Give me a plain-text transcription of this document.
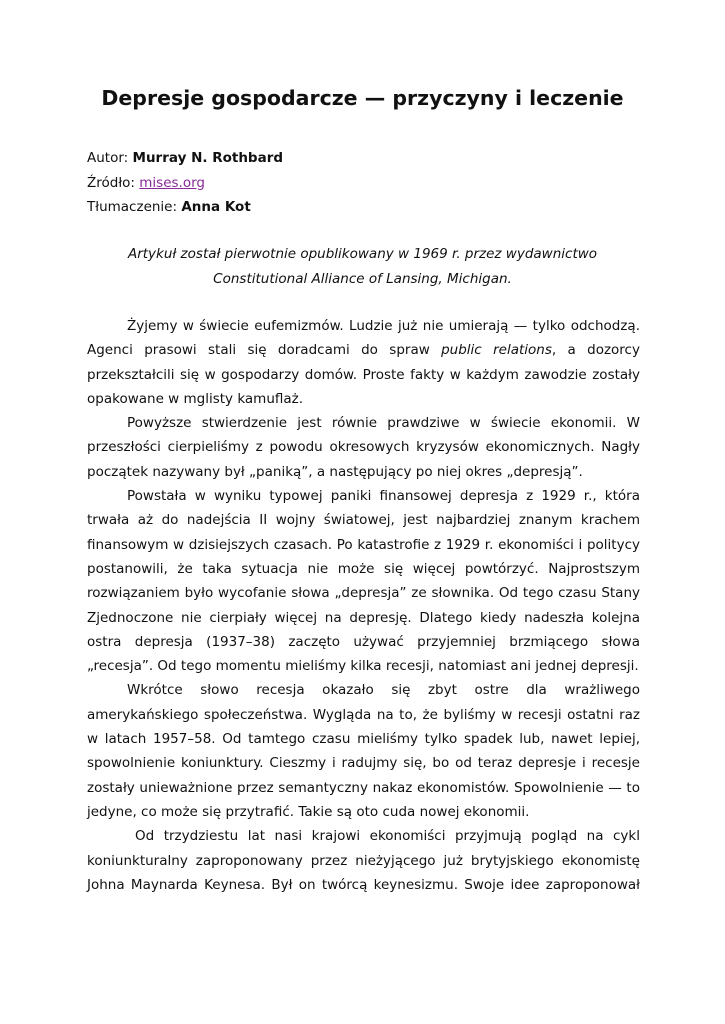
Depresje gospodarcze — przyczyny i leczenie
Autor: Murray N. Rothbard
Źródło: mises.org
Tłumaczenie: Anna Kot
Artykuł został pierwotnie opublikowany w 1969 r. przez wydawnictwo
Constitutional Alliance of Lansing, Michigan.
Żyjemy w świecie eufemizmów. Ludzie już nie umierają — tylko odchodzą.
Agenci prasowi stali się doradcami do spraw public relations, a dozorcy
przekształcili się w gospodarzy domów. Proste fakty w każdym zawodzie zostały
opakowane w mglisty kamuflaż.
Powyższe stwierdzenie jest równie prawdziwe w świecie ekonomii. W
przeszłości cierpieliśmy z powodu okresowych kryzysów ekonomicznych. Nagły
początek nazywany był „paniką”, a następujący po niej okres „depresją”.
Powstała w wyniku typowej paniki finansowej depresja z 1929 r., która
trwała aż do nadejścia II wojny światowej, jest najbardziej znanym krachem
finansowym w dzisiejszych czasach. Po katastrofie z 1929 r. ekonomiści i politycy
postanowili, że taka sytuacja nie może się więcej powtórzyć. Najprostszym
rozwiązaniem było wycofanie słowa „depresja” ze słownika. Od tego czasu Stany
Zjednoczone nie cierpiały więcej na depresję. Dlatego kiedy nadeszła kolejna
ostra depresja (1937–38) zaczęto używać przyjemniej brzmiącego słowa
„recesja”. Od tego momentu mieliśmy kilka recesji, natomiast ani jednej depresji.
Wkrótce słowo recesja okazało się zbyt ostre dla wrażliwego
amerykańskiego społeczeństwa. Wygląda na to, że byliśmy w recesji ostatni raz
w latach 1957–58. Od tamtego czasu mieliśmy tylko spadek lub, nawet lepiej,
spowolnienie koniunktury. Cieszmy i radujmy się, bo od teraz depresje i recesje
zostały unieważnione przez semantyczny nakaz ekonomistów. Spowolnienie — to
jedyne, co może się przytrafić. Takie są oto cuda nowej ekonomii.
Od trzydziestu lat nasi krajowi ekonomiści przyjmują pogląd na cykl
koniunkturalny zaproponowany przez nieżyjącego już brytyjskiego ekonomistę
Johna Maynarda Keynesa. Był on twórcą keynesizmu. Swoje idee zaproponował
